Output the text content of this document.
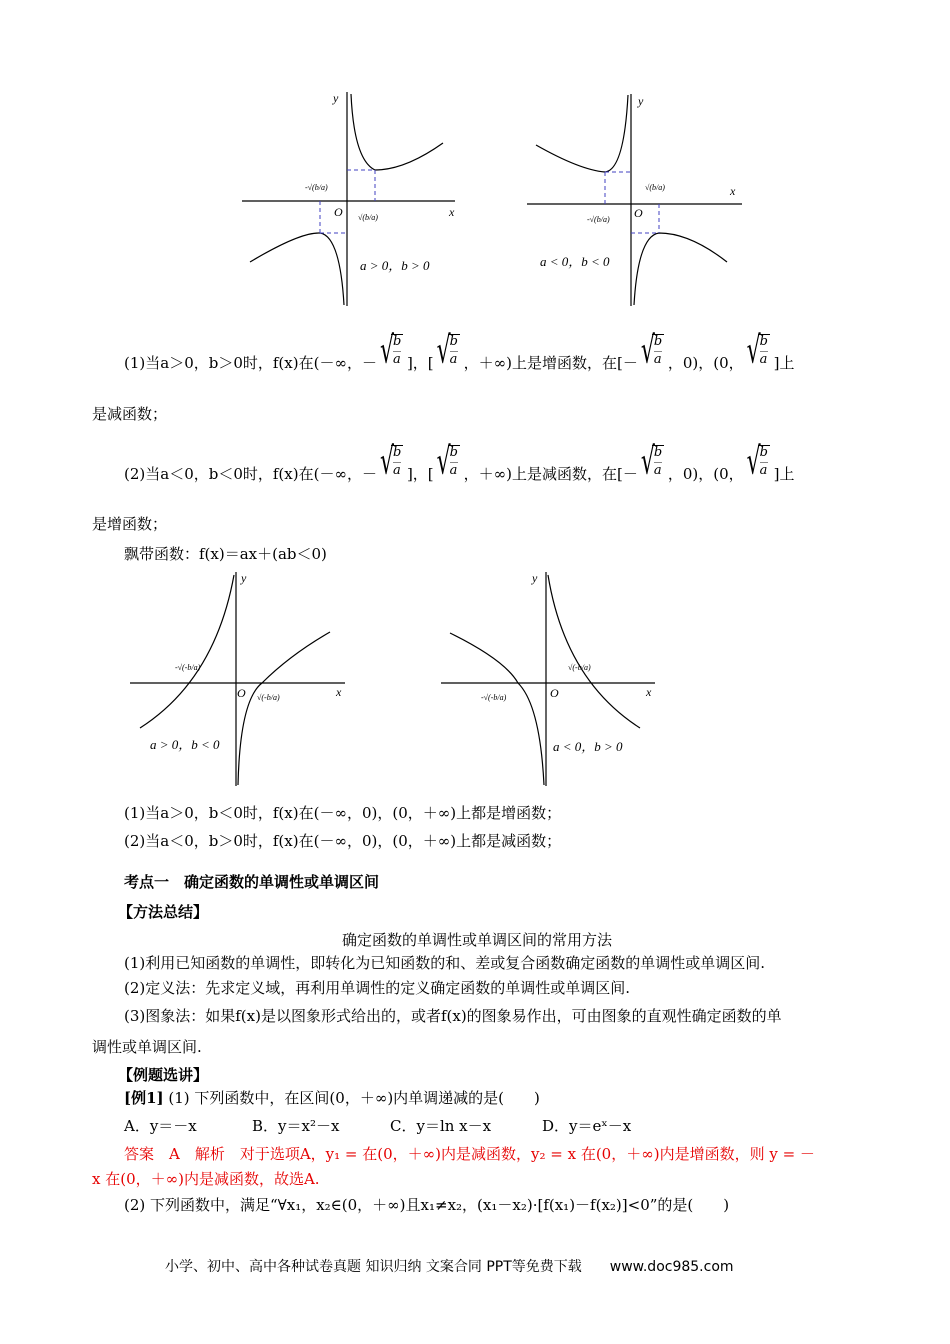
y
x
O
-√(b/a)
√(b/a)
a > 0，b > 0
y
x
O
-√(b/a)
√(b/a)
a < 0，b < 0
y
x
O
-√(-b/a)
√(-b/a)
a > 0，b < 0
y
x
O
-√(-b/a)
√(-b/a)
a < 0，b > 0
(1)当a＞0，b＞0时，f(x)在(－∞，－ √
b
a ]，[ √
b
a ，＋∞)上是增函数，在[－ √
b
a ，0)，(0， √
b
a ]上
是减函数；
(2)当a＜0，b＜0时，f(x)在(－∞，－ √
b
a ]，[ √
b
a ，＋∞)上是减函数，在[－ √
b
a ，0)，(0， √
b
a ]上
是增函数；
飘带函数：f(x)＝ax＋(ab＜0)
(1)当a＞0，b＜0时，f(x)在(－∞，0)，(0，＋∞)上都是增函数；
(2)当a＜0，b＞0时，f(x)在(－∞，0)，(0，＋∞)上都是减函数；
考点一　确定函数的单调性或单调区间
【方法总结】
确定函数的单调性或单调区间的常用方法
(1)利用已知函数的单调性，即转化为已知函数的和、差或复合函数确定函数的单调性或单调区间.
(2)定义法：先求定义域，再利用单调性的定义确定函数的单调性或单调区间.
(3)图象法：如果f(x)是以图象形式给出的，或者f(x)的图象易作出，可由图象的直观性确定函数的单
调性或单调区间.
【例题选讲】
[例1] (1) 下列函数中，在区间(0，＋∞)内单调递减的是(　　)
A．y＝－x	B．y＝x²－x	C．y＝ln x－x	D．y＝eˣ－x
答案　A　解析　对于选项A，y₁ = 在(0，＋∞)内是减函数，y₂ = x 在(0，＋∞)内是增函数，则 y = －
x 在(0，＋∞)内是减函数，故选A.
(2) 下列函数中，满足“∀x₁，x₂∈(0，＋∞)且x₁≠x₂，(x₁－x₂)·[f(x₁)－f(x₂)]<0”的是(　　)
小学、初中、高中各种试卷真题 知识归纳 文案合同 PPT等免费下载　　www.doc985.com
